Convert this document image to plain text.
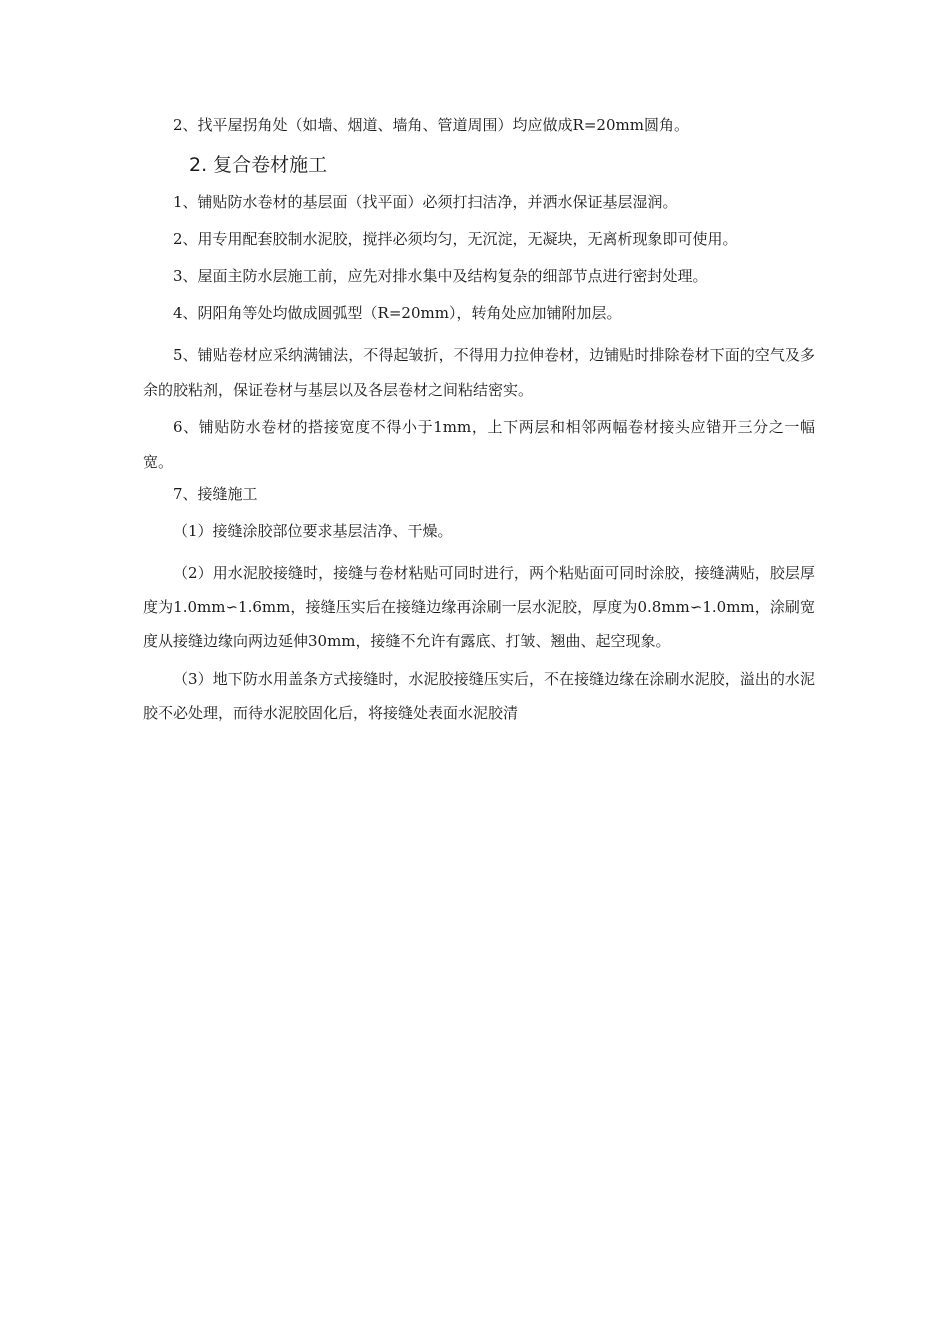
2、找平屋拐角处（如墙、烟道、墙角、管道周围）均应做成R=20mm圆角。

2. 复合卷材施工

1、铺贴防水卷材的基层面（找平面）必须打扫洁净，并洒水保证基层湿润。

2、用专用配套胶制水泥胶，搅拌必须均匀，无沉淀，无凝块，无离析现象即可使用。

3、屋面主防水层施工前，应先对排水集中及结构复杂的细部节点进行密封处理。

4、阴阳角等处均做成圆弧型（R=20mm），转角处应加铺附加层。

5、铺贴卷材应采纳满铺法，不得起皱折，不得用力拉伸卷材，边铺贴时排除卷材下面的空气及多余的胶粘剂，保证卷材与基层以及各层卷材之间粘结密实。

6、铺贴防水卷材的搭接宽度不得小于1mm，上下两层和相邻两幅卷材接头应错开三分之一幅宽。

7、接缝施工

（1）接缝涂胶部位要求基层洁净、干燥。

（2）用水泥胶接缝时，接缝与卷材粘贴可同时进行，两个粘贴面可同时涂胶，接缝满贴，胶层厚度为1.0mm∽1.6mm，接缝压实后在接缝边缘再涂刷一层水泥胶，厚度为0.8mm∽1.0mm，涂刷宽度从接缝边缘向两边延伸30mm，接缝不允许有露底、打皱、翘曲、起空现象。

（3）地下防水用盖条方式接缝时，水泥胶接缝压实后，不在接缝边缘在涂刷水泥胶，溢出的水泥胶不必处理，而待水泥胶固化后，将接缝处表面水泥胶清
